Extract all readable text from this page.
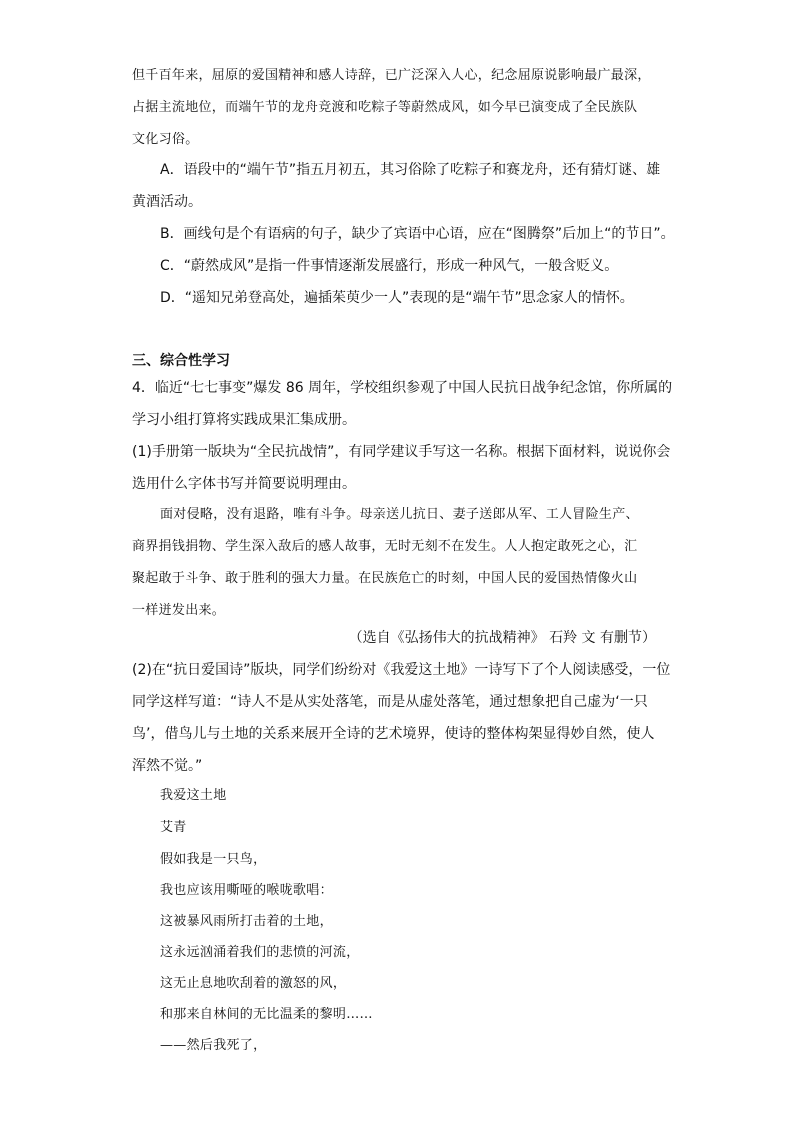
但千百年来，屈原的爱国精神和感人诗辞，已广泛深入人心，纪念屈原说影响最广最深，
占据主流地位，而端午节的龙舟竞渡和吃粽子等蔚然成风，如今早已演变成了全民族队
文化习俗。
A．语段中的“端午节”指五月初五，其习俗除了吃粽子和赛龙舟，还有猜灯谜、雄
黄酒活动。
B．画线句是个有语病的句子，缺少了宾语中心语，应在“图腾祭”后加上“的节日”。
C．“蔚然成风”是指一件事情逐渐发展盛行，形成一种风气，一般含贬义。
D．“遥知兄弟登高处，遍插茱萸少一人”表现的是“端午节”思念家人的情怀。
三、综合性学习
4．临近“七七事变”爆发 86 周年，学校组织参观了中国人民抗日战争纪念馆，你所属的
学习小组打算将实践成果汇集成册。
(1)手册第一版块为“全民抗战情”，有同学建议手写这一名称。根据下面材料，说说你会
选用什么字体书写并简要说明理由。
面对侵略，没有退路，唯有斗争。母亲送儿抗日、妻子送郎从军、工人冒险生产、
商界捐钱捐物、学生深入敌后的感人故事，无时无刻不在发生。人人抱定敢死之心，汇
聚起敢于斗争、敢于胜利的强大力量。在民族危亡的时刻，中国人民的爱国热情像火山
一样迸发出来。
（选自《弘扬伟大的抗战精神》 石羚 文 有删节）
(2)在“抗日爱国诗”版块，同学们纷纷对《我爱这土地》一诗写下了个人阅读感受，一位
同学这样写道：“诗人不是从实处落笔，而是从虚处落笔，通过想象把自己虚为‘一只
鸟’，借鸟儿与土地的关系来展开全诗的艺术境界，使诗的整体构架显得妙自然，使人
浑然不觉。”
我爱这土地
艾青
假如我是一只鸟，
我也应该用嘶哑的喉咙歌唱：
这被暴风雨所打击着的土地，
这永远汹涌着我们的悲愤的河流，
这无止息地吹刮着的激怒的风，
和那来自林间的无比温柔的黎明……
——然后我死了，
